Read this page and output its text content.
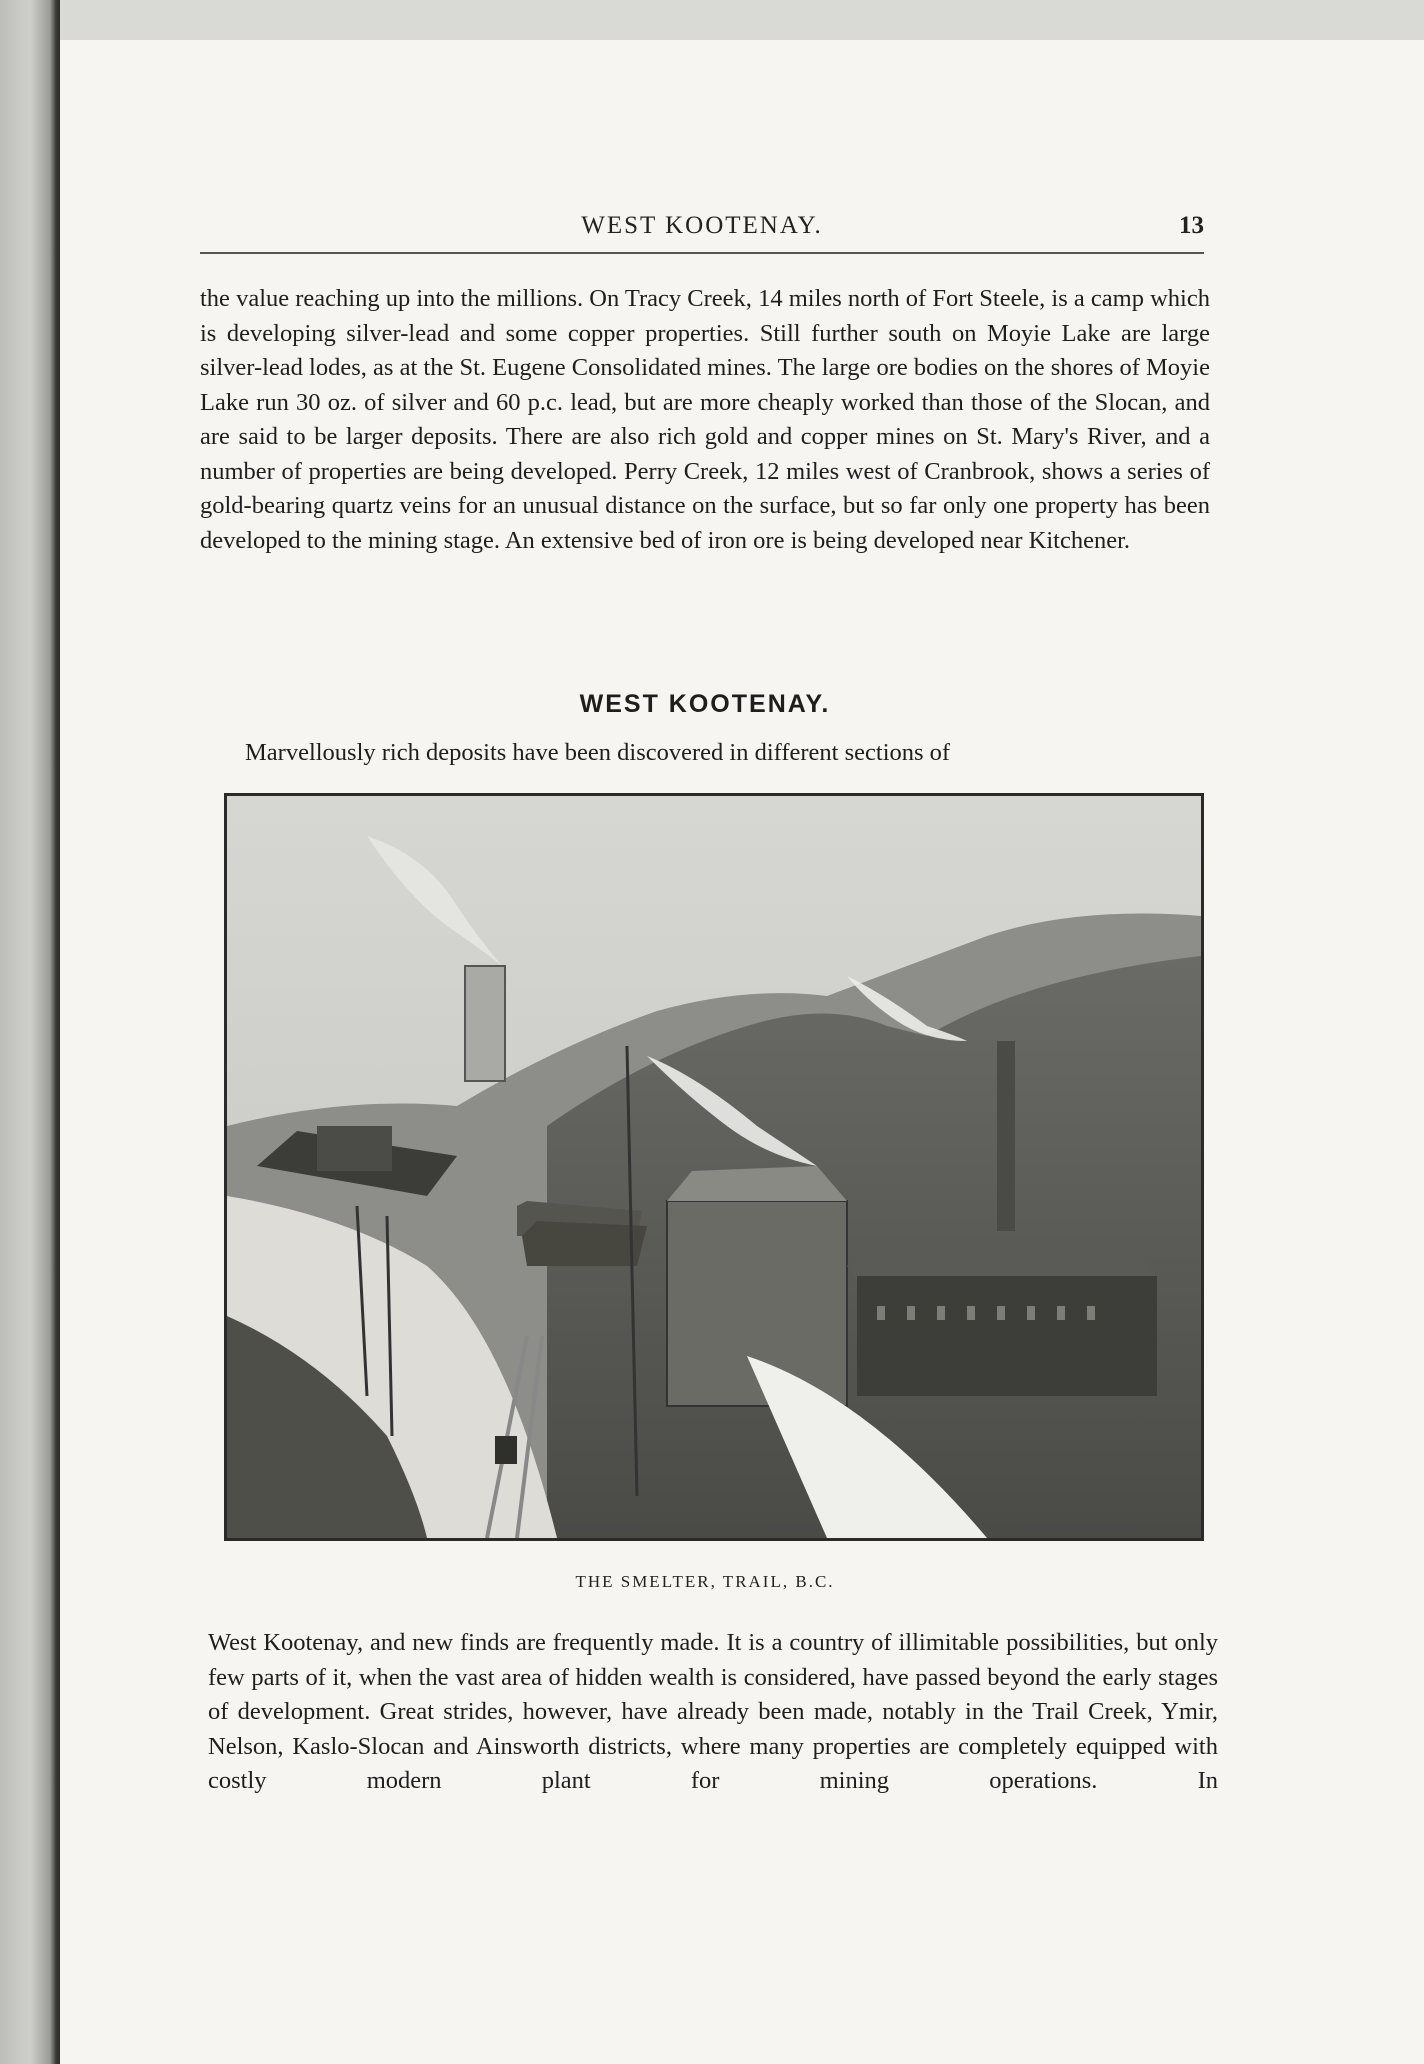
WEST KOOTENAY.	13

the value reaching up into the millions. On Tracy Creek, 14 miles north of Fort Steele, is a camp which is developing silver-lead and some copper properties. Still further south on Moyie Lake are large silver-lead lodes, as at the St. Eugene Consolidated mines. The large ore bodies on the shores of Moyie Lake run 30 oz. of silver and 60 p.c. lead, but are more cheaply worked than those of the Slocan, and are said to be larger deposits. There are also rich gold and copper mines on St. Mary's River, and a number of properties are being developed. Perry Creek, 12 miles west of Cranbrook, shows a series of gold-bearing quartz veins for an unusual distance on the surface, but so far only one property has been developed to the mining stage. An extensive bed of iron ore is being developed near Kitchener.

WEST KOOTENAY.

Marvellously rich deposits have been discovered in different sections of

THE SMELTER, TRAIL, B.C.

West Kootenay, and new finds are frequently made. It is a country of illimitable possibilities, but only few parts of it, when the vast area of hidden wealth is considered, have passed beyond the early stages of development. Great strides, however, have already been made, notably in the Trail Creek, Ymir, Nelson, Kaslo-Slocan and Ainsworth districts, where many properties are completely equipped with costly modern plant for mining operations. In
